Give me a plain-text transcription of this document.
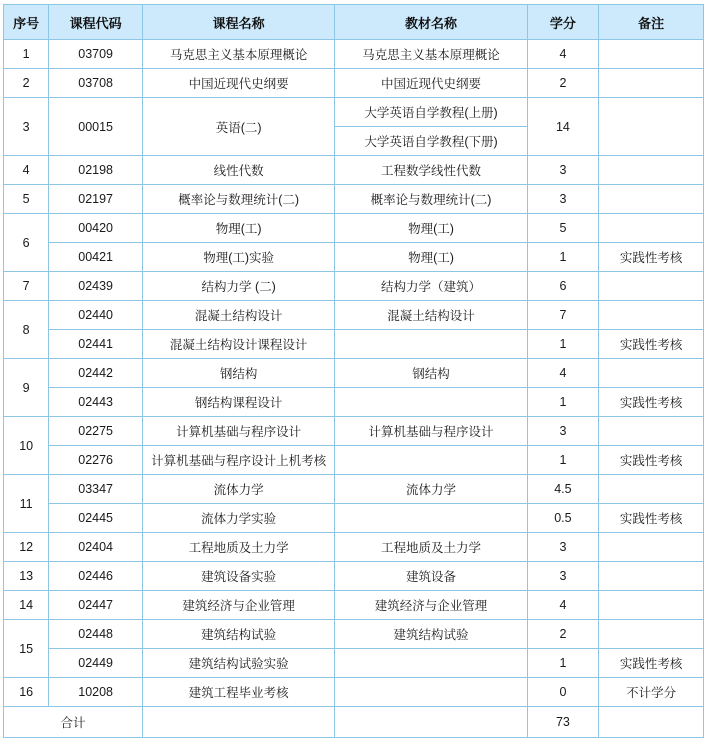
序号	课程代码	课程名称	教材名称	学分	备注
1	03709	马克思主义基本原理概论	马克思主义基本原理概论	4	
2	03708	中国近现代史纲要	中国近现代史纲要	2	
3	00015	英语(二)	大学英语自学教程(上册)	14	
			大学英语自学教程(下册)		
4	02198	线性代数	工程数学线性代数	3	
5	02197	概率论与数理统计(二)	概率论与数理统计(二)	3	
6	00420	物理(工)	物理(工)	5	
	00421	物理(工)实验	物理(工)	1	实践性考核
7	02439	结构力学 (二)	结构力学（建筑）	6	
8	02440	混凝土结构设计	混凝土结构设计	7	
	02441	混凝土结构设计课程设计		1	实践性考核
9	02442	钢结构	钢结构	4	
	02443	钢结构课程设计		1	实践性考核
10	02275	计算机基础与程序设计	计算机基础与程序设计	3	
	02276	计算机基础与程序设计上机考核		1	实践性考核
11	03347	流体力学	流体力学	4.5	
	02445	流体力学实验		0.5	实践性考核
12	02404	工程地质及土力学	工程地质及土力学	3	
13	02446	建筑设备实验	建筑设备	3	
14	02447	建筑经济与企业管理	建筑经济与企业管理	4	
15	02448	建筑结构试验	建筑结构试验	2	
	02449	建筑结构试验实验		1	实践性考核
16	10208	建筑工程毕业考核		0	不计学分
合计				73	
